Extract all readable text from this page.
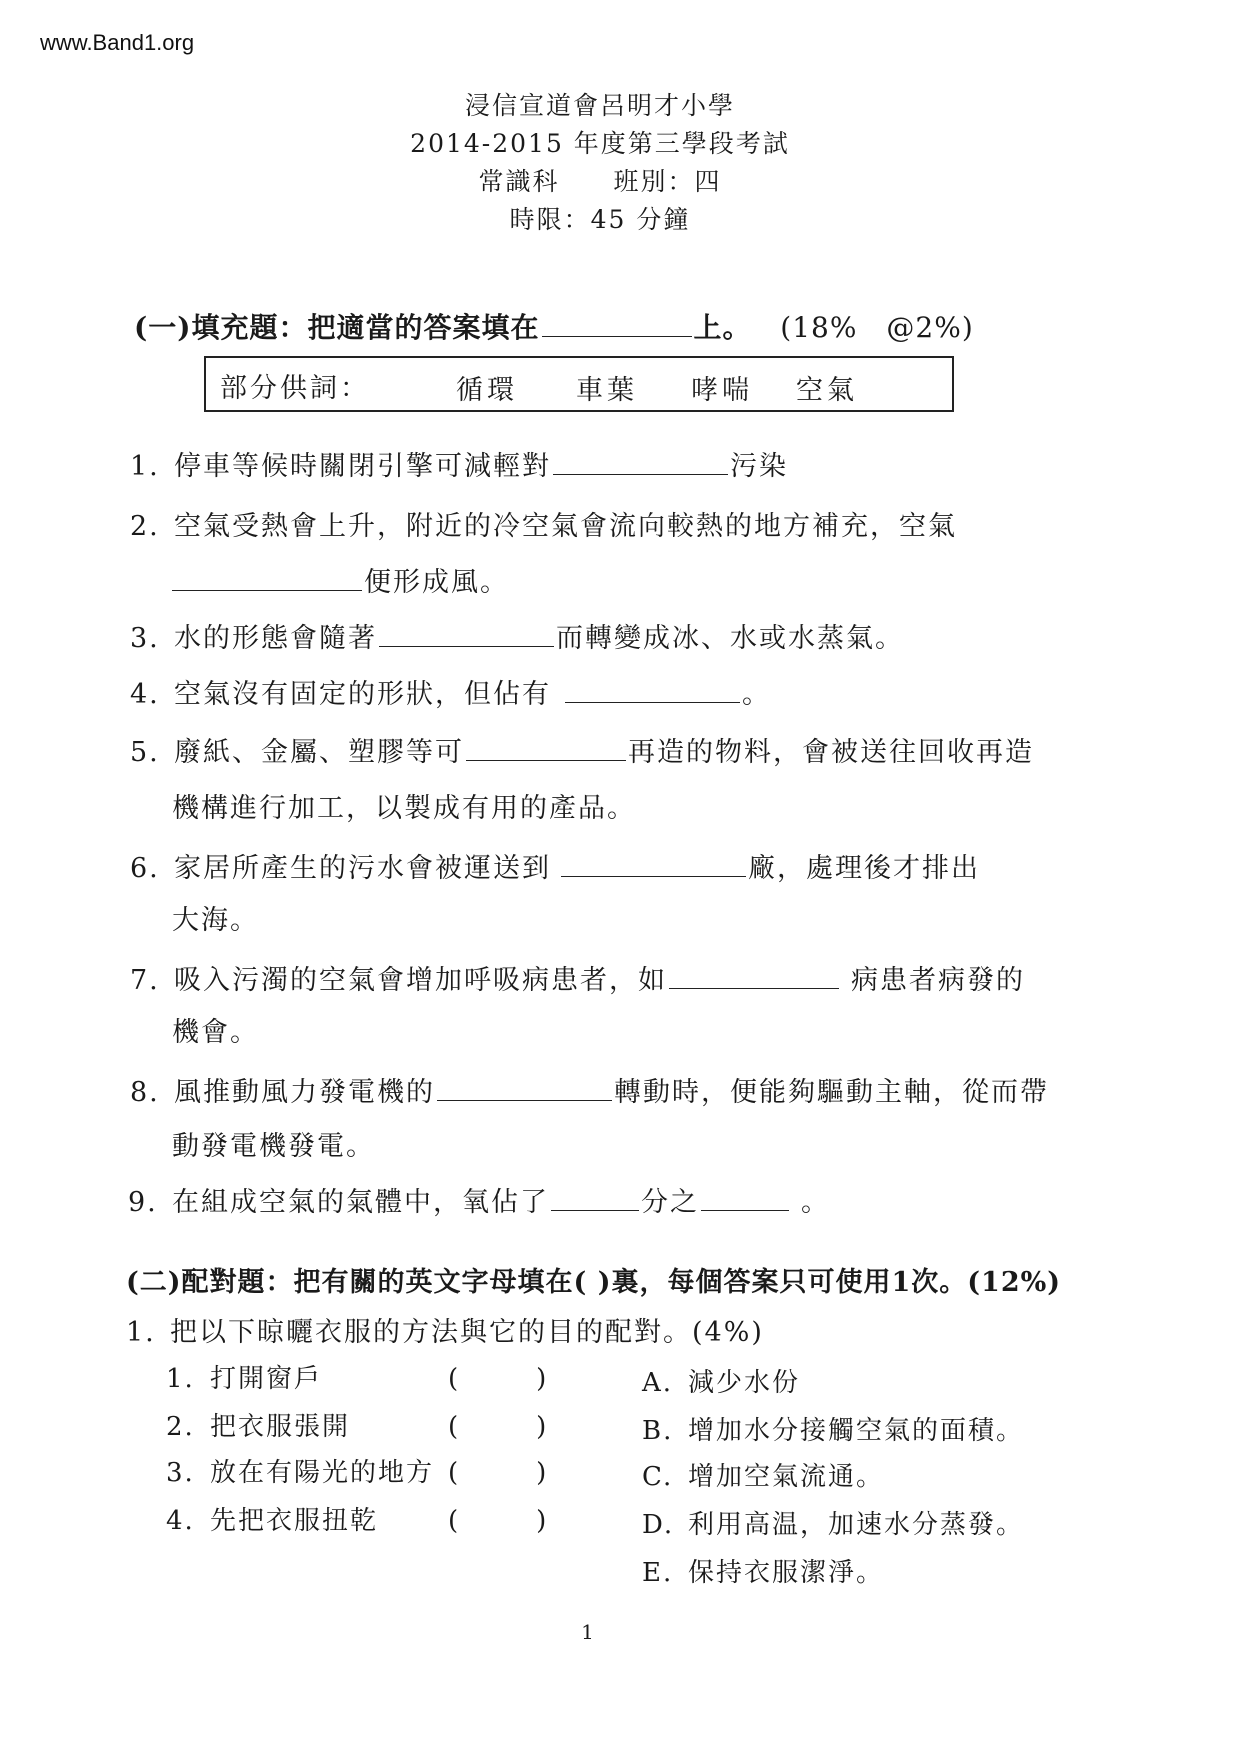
www.Band1.org
浸信宣道會呂明才小學
2014-2015 年度第三學段考試
常識科　　班別：四
時限：45 分鐘
(一)填充題：把適當的答案填在	上。 (18%　@2%)
部分供詞：	循環 車葉 哮喘 空氣
1. 停車等候時關閉引擎可減輕對	污染
2. 空氣受熱會上升，附近的冷空氣會流向較熱的地方補充，空氣
便形成風。
3. 水的形態會隨著	而轉變成冰、水或水蒸氣。
4. 空氣沒有固定的形狀，但佔有	。
5. 廢紙、金屬、塑膠等可	再造的物料，會被送往回收再造
機構進行加工，以製成有用的產品。
6. 家居所產生的污水會被運送到	廠，處理後才排出
大海。
7. 吸入污濁的空氣會增加呼吸病患者，如	病患者病發的
機會。
8. 風推動風力發電機的	轉動時，便能夠驅動主軸，從而帶
動發電機發電。
9. 在組成空氣的氣體中，氧佔了	分之	。
(二)配對題：把有關的英文字母填在( )裏，每個答案只可使用1次。(12%)
1. 把以下晾曬衣服的方法與它的目的配對。(4%)
1. 打開窗戶	(　　　)
2. 把衣服張開	(　　　)
3. 放在有陽光的地方 (　　　)
4. 先把衣服扭乾	(　　　)
A. 減少水份
B. 增加水分接觸空氣的面積。
C. 增加空氣流通。
D. 利用高温，加速水分蒸發。
E. 保持衣服潔淨。
1
